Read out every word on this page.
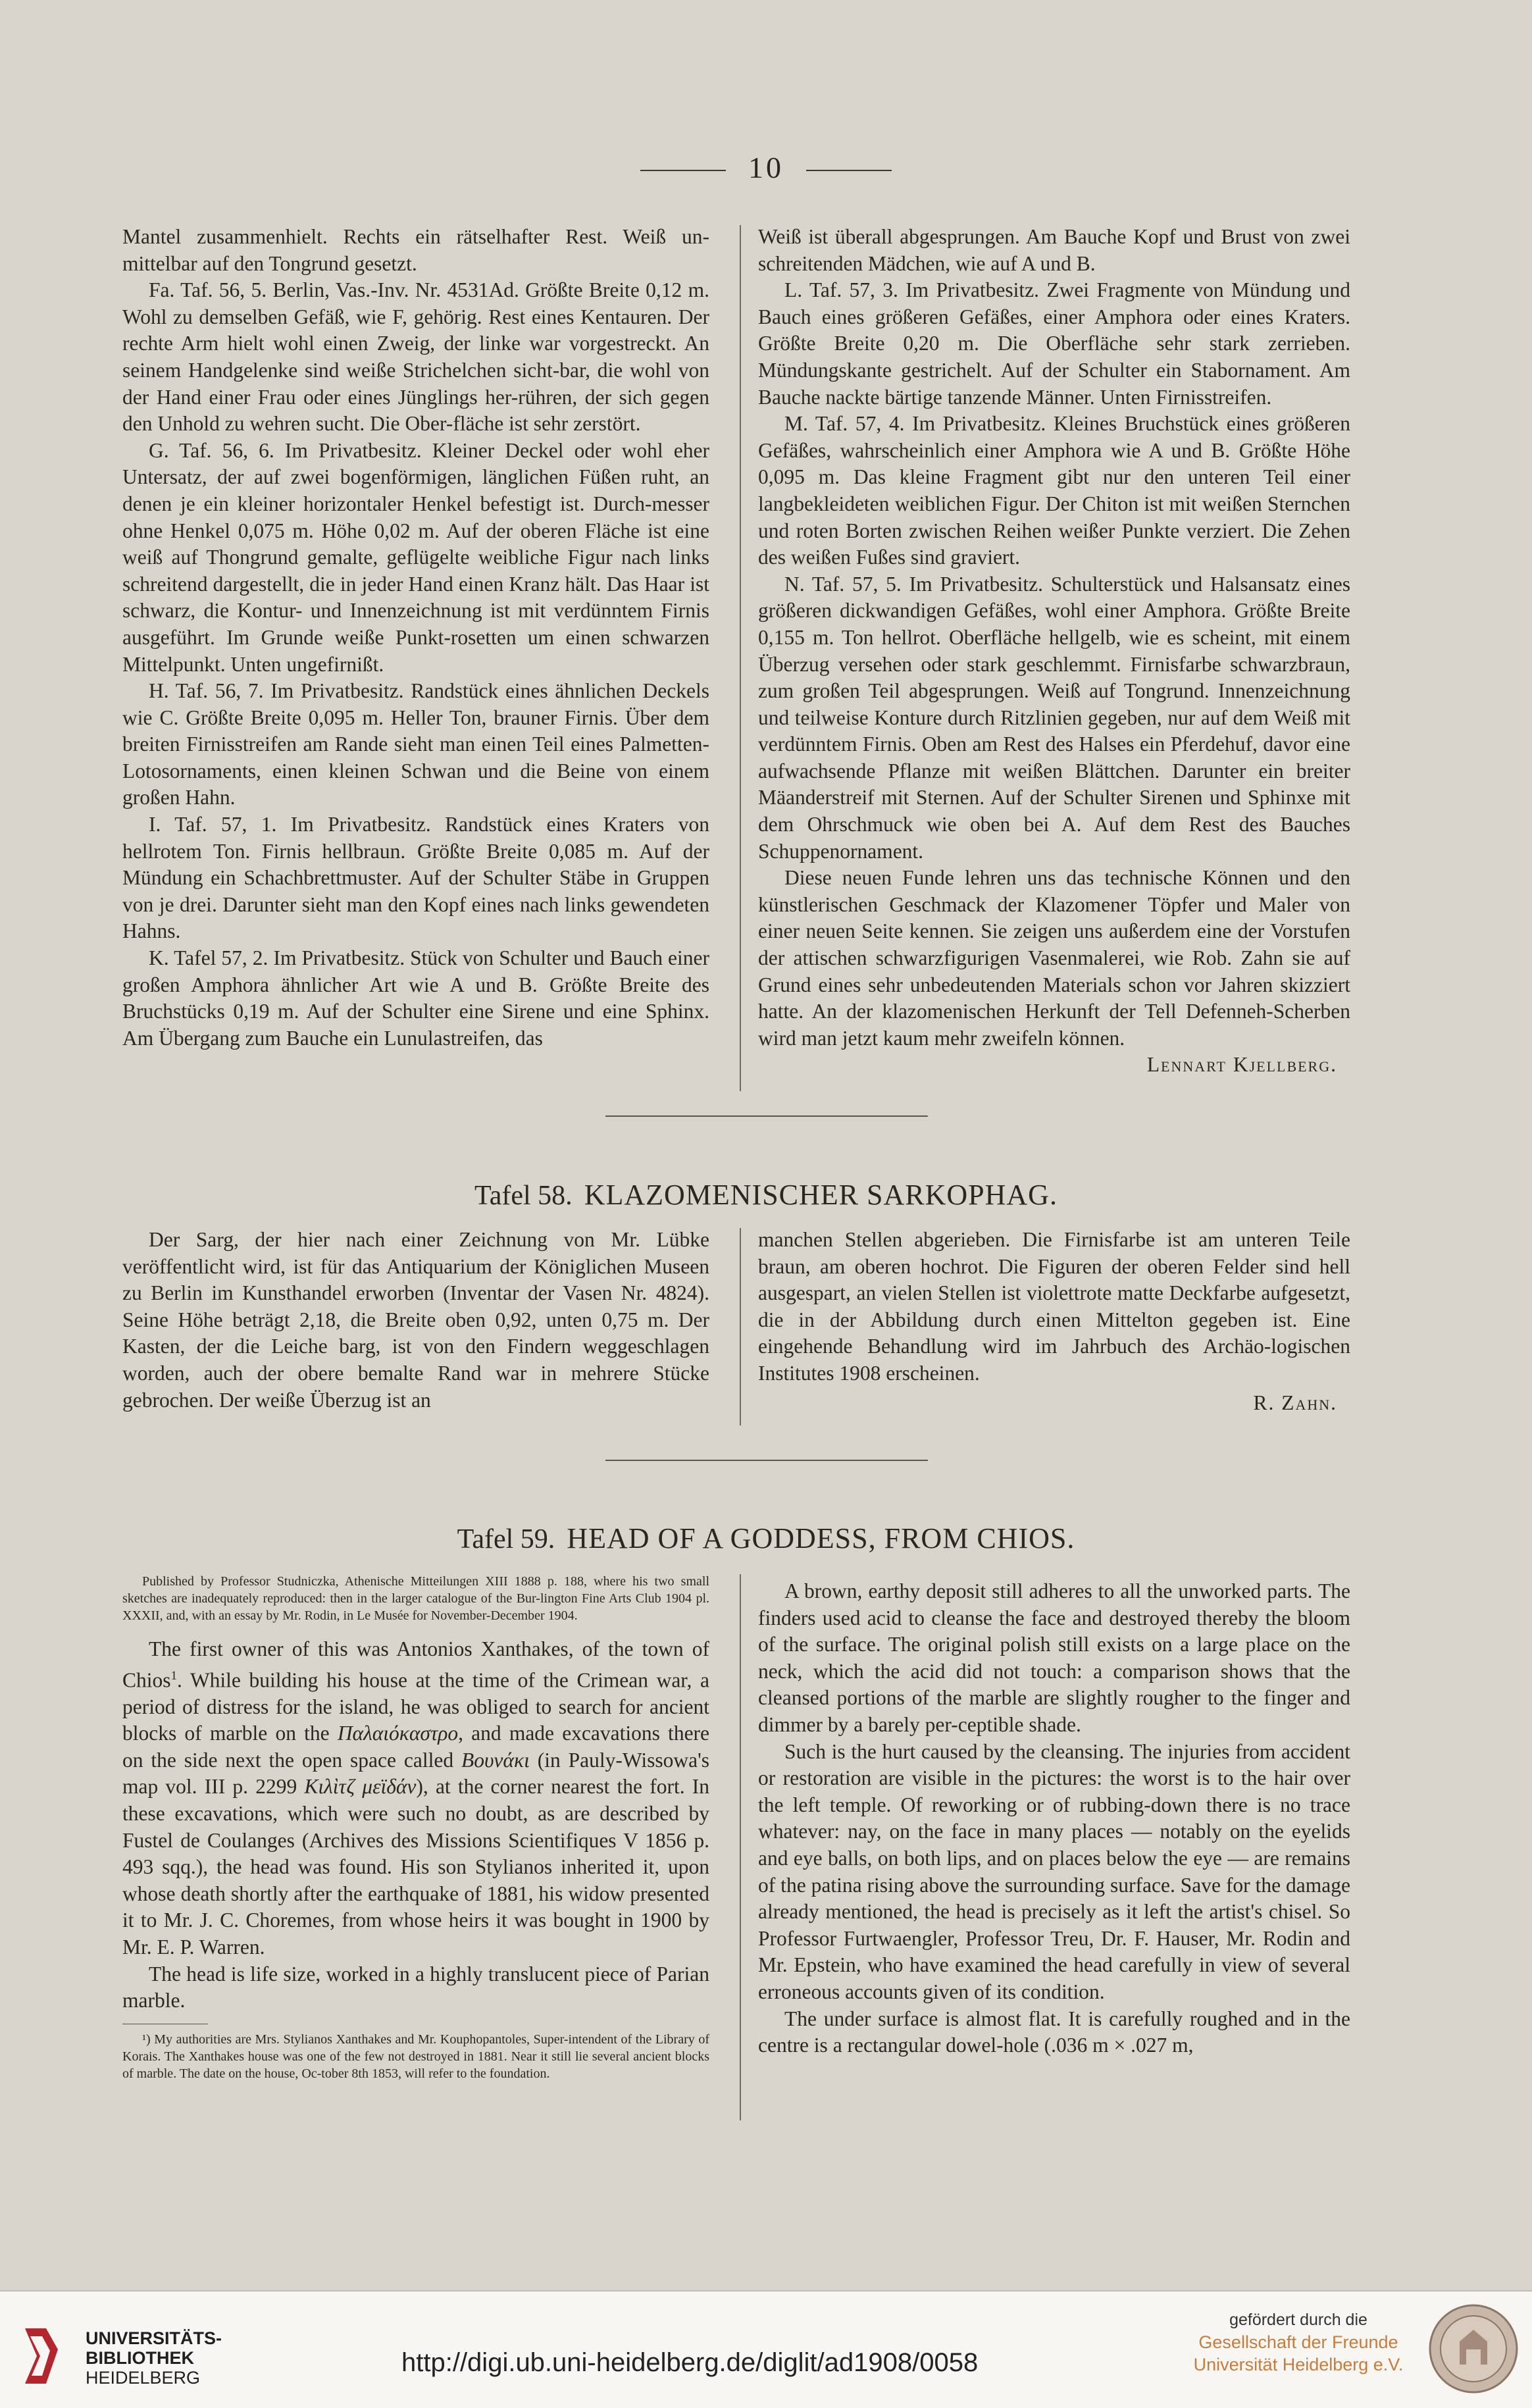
10

Mantel zusammenhielt. Rechts ein rätselhafter Rest. Weiß un-mittelbar auf den Tongrund gesetzt.

Fa. Taf. 56, 5. Berlin, Vas.-Inv. Nr. 4531Ad. Größte Breite 0,12 m. Wohl zu demselben Gefäß, wie F, gehörig. Rest eines Kentauren. Der rechte Arm hielt wohl einen Zweig, der linke war vorgestreckt. An seinem Handgelenke sind weiße Strichelchen sicht-bar, die wohl von der Hand einer Frau oder eines Jünglings her-rühren, der sich gegen den Unhold zu wehren sucht. Die Ober-fläche ist sehr zerstört.

G. Taf. 56, 6. Im Privatbesitz. Kleiner Deckel oder wohl eher Untersatz, der auf zwei bogenförmigen, länglichen Füßen ruht, an denen je ein kleiner horizontaler Henkel befestigt ist. Durch-messer ohne Henkel 0,075 m. Höhe 0,02 m. Auf der oberen Fläche ist eine weiß auf Thongrund gemalte, geflügelte weibliche Figur nach links schreitend dargestellt, die in jeder Hand einen Kranz hält. Das Haar ist schwarz, die Kontur- und Innenzeichnung ist mit verdünntem Firnis ausgeführt. Im Grunde weiße Punkt-rosetten um einen schwarzen Mittelpunkt. Unten ungefirnißt.

H. Taf. 56, 7. Im Privatbesitz. Randstück eines ähnlichen Deckels wie C. Größte Breite 0,095 m. Heller Ton, brauner Firnis. Über dem breiten Firnisstreifen am Rande sieht man einen Teil eines Palmetten-Lotosornaments, einen kleinen Schwan und die Beine von einem großen Hahn.

I. Taf. 57, 1. Im Privatbesitz. Randstück eines Kraters von hellrotem Ton. Firnis hellbraun. Größte Breite 0,085 m. Auf der Mündung ein Schachbrettmuster. Auf der Schulter Stäbe in Gruppen von je drei. Darunter sieht man den Kopf eines nach links gewendeten Hahns.

K. Tafel 57, 2. Im Privatbesitz. Stück von Schulter und Bauch einer großen Amphora ähnlicher Art wie A und B. Größte Breite des Bruchstücks 0,19 m. Auf der Schulter eine Sirene und eine Sphinx. Am Übergang zum Bauche ein Lunulastreifen, das

Weiß ist überall abgesprungen. Am Bauche Kopf und Brust von zwei schreitenden Mädchen, wie auf A und B.

L. Taf. 57, 3. Im Privatbesitz. Zwei Fragmente von Mündung und Bauch eines größeren Gefäßes, einer Amphora oder eines Kraters. Größte Breite 0,20 m. Die Oberfläche sehr stark zerrieben. Mündungskante gestrichelt. Auf der Schulter ein Stabornament. Am Bauche nackte bärtige tanzende Männer. Unten Firnisstreifen.

M. Taf. 57, 4. Im Privatbesitz. Kleines Bruchstück eines größeren Gefäßes, wahrscheinlich einer Amphora wie A und B. Größte Höhe 0,095 m. Das kleine Fragment gibt nur den unteren Teil einer langbekleideten weiblichen Figur. Der Chiton ist mit weißen Sternchen und roten Borten zwischen Reihen weißer Punkte verziert. Die Zehen des weißen Fußes sind graviert.

N. Taf. 57, 5. Im Privatbesitz. Schulterstück und Halsansatz eines größeren dickwandigen Gefäßes, wohl einer Amphora. Größte Breite 0,155 m. Ton hellrot. Oberfläche hellgelb, wie es scheint, mit einem Überzug versehen oder stark geschlemmt. Firnisfarbe schwarzbraun, zum großen Teil abgesprungen. Weiß auf Tongrund. Innenzeichnung und teilweise Konture durch Ritzlinien gegeben, nur auf dem Weiß mit verdünntem Firnis. Oben am Rest des Halses ein Pferdehuf, davor eine aufwachsende Pflanze mit weißen Blättchen. Darunter ein breiter Mäanderstreif mit Sternen. Auf der Schulter Sirenen und Sphinxe mit dem Ohrschmuck wie oben bei A. Auf dem Rest des Bauches Schuppenornament.

Diese neuen Funde lehren uns das technische Können und den künstlerischen Geschmack der Klazomener Töpfer und Maler von einer neuen Seite kennen. Sie zeigen uns außerdem eine der Vorstufen der attischen schwarzfigurigen Vasenmalerei, wie Rob. Zahn sie auf Grund eines sehr unbedeutenden Materials schon vor Jahren skizziert hatte. An der klazomenischen Herkunft der Tell Defenneh-Scherben wird man jetzt kaum mehr zweifeln können.

Lennart Kjellberg.
Tafel 58. KLAZOMENISCHER SARKOPHAG.

Der Sarg, der hier nach einer Zeichnung von Mr. Lübke veröffentlicht wird, ist für das Antiquarium der Königlichen Museen zu Berlin im Kunsthandel erworben (Inventar der Vasen Nr. 4824). Seine Höhe beträgt 2,18, die Breite oben 0,92, unten 0,75 m. Der Kasten, der die Leiche barg, ist von den Findern weggeschlagen worden, auch der obere bemalte Rand war in mehrere Stücke gebrochen. Der weiße Überzug ist an

manchen Stellen abgerieben. Die Firnisfarbe ist am unteren Teile braun, am oberen hochrot. Die Figuren der oberen Felder sind hell ausgespart, an vielen Stellen ist violettrote matte Deckfarbe aufgesetzt, die in der Abbildung durch einen Mittelton gegeben ist. Eine eingehende Behandlung wird im Jahrbuch des Archäo-logischen Institutes 1908 erscheinen.

R. Zahn.
Tafel 59. HEAD OF A GODDESS, FROM CHIOS.

Published by Professor Studniczka, Athenische Mitteilungen XIII 1888 p. 188, where his two small sketches are inadequately reproduced: then in the larger catalogue of the Bur-lington Fine Arts Club 1904 pl. XXXII, and, with an essay by Mr. Rodin, in Le Musée for November-December 1904.

The first owner of this was Antonios Xanthakes, of the town of Chios$^1$. While building his house at the time of the Crimean war, a period of distress for the island, he was obliged to search for ancient blocks of marble on the Παλαιόκαστρο, and made excavations there on the side next the open space called Βουνάκι (in Pauly-Wissowa's map vol. III p. 2299 Κιλὶτζ μεϊδάν), at the corner nearest the fort. In these excavations, which were such no doubt, as are described by Fustel de Coulanges (Archives des Missions Scientifiques V 1856 p. 493 sqq.), the head was found. His son Stylianos inherited it, upon whose death shortly after the earthquake of 1881, his widow presented it to Mr. J. C. Choremes, from whose heirs it was bought in 1900 by Mr. E. P. Warren.

The head is life size, worked in a highly translucent piece of Parian marble.

¹) My authorities are Mrs. Stylianos Xanthakes and Mr. Kouphopantoles, Super-intendent of the Library of Korais. The Xanthakes house was one of the few not destroyed in 1881. Near it still lie several ancient blocks of marble. The date on the house, Oc-tober 8th 1853, will refer to the foundation.

A brown, earthy deposit still adheres to all the unworked parts. The finders used acid to cleanse the face and destroyed thereby the bloom of the surface. The original polish still exists on a large place on the neck, which the acid did not touch: a comparison shows that the cleansed portions of the marble are slightly rougher to the finger and dimmer by a barely per-ceptible shade.

Such is the hurt caused by the cleansing. The injuries from accident or restoration are visible in the pictures: the worst is to the hair over the left temple. Of reworking or of rubbing-down there is no trace whatever: nay, on the face in many places — notably on the eyelids and eye balls, on both lips, and on places below the eye — are remains of the patina rising above the surrounding surface. Save for the damage already mentioned, the head is precisely as it left the artist's chisel. So Professor Furtwaengler, Professor Treu, Dr. F. Hauser, Mr. Rodin and Mr. Epstein, who have examined the head carefully in view of several erroneous accounts given of its condition.

The under surface is almost flat. It is carefully roughed and in the centre is a rectangular dowel-hole (.036 m × .027 m,

UNIVERSITÄTS-
BIBLIOTHEK
HEIDELBERG
http://digi.ub.uni-heidelberg.de/diglit/ad1908/0058
gefördert durch die
Gesellschaft der Freunde
Universität Heidelberg e.V.
